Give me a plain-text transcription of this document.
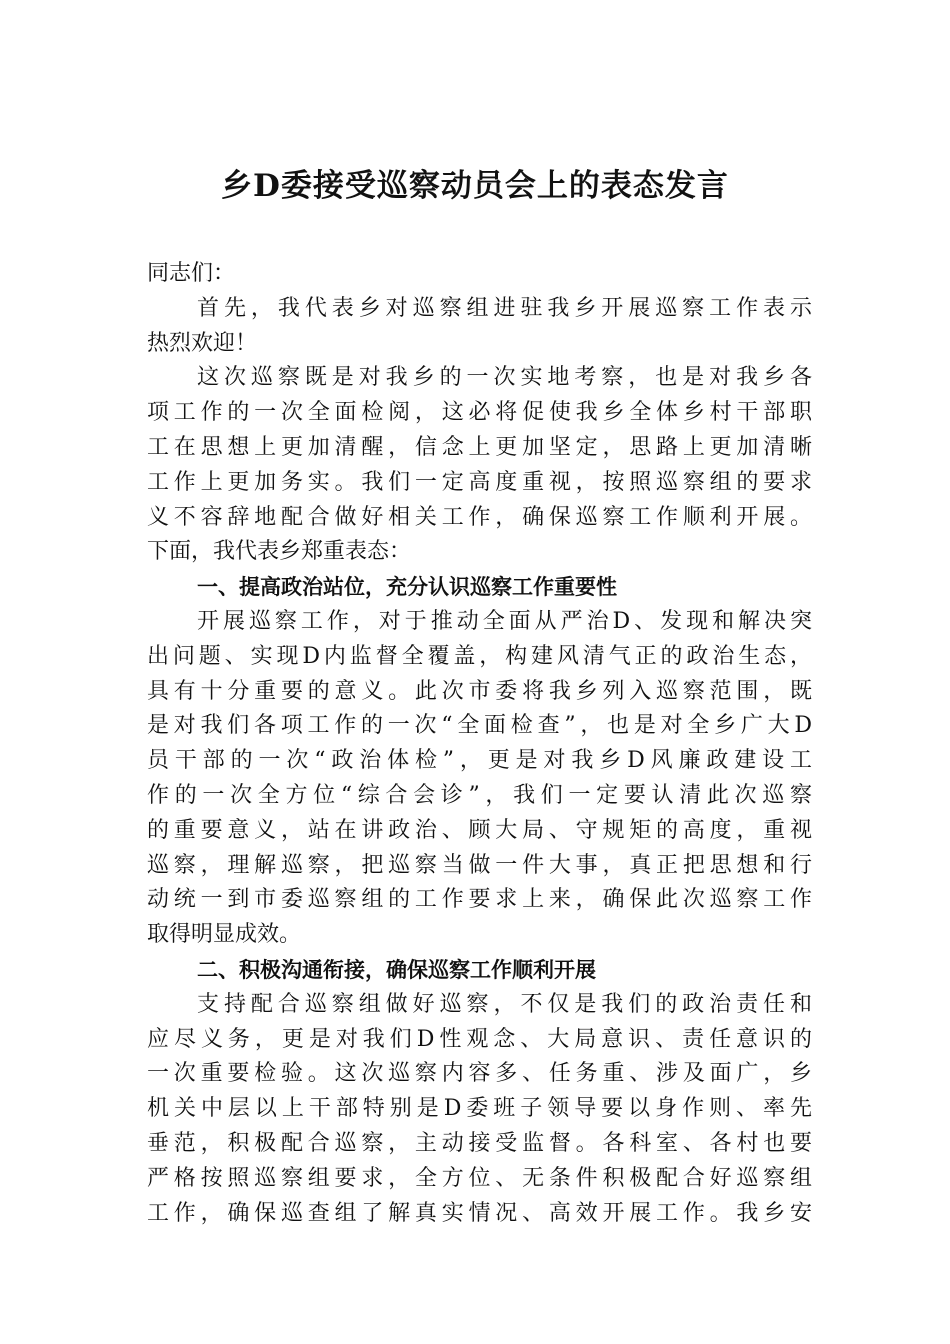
乡D委接受巡察动员会上的表态发言

同志们：

首先，我代表乡对巡察组进驻我乡开展巡察工作表示

热烈欢迎！

这次巡察既是对我乡的一次实地考察，也是对我乡各

项工作的一次全面检阅，这必将促使我乡全体乡村干部职

工在思想上更加清醒，信念上更加坚定，思路上更加清晰

工作上更加务实。我们一定高度重视，按照巡察组的要求

义不容辞地配合做好相关工作，确保巡察工作顺利开展。

下面，我代表乡郑重表态：

一、提高政治站位，充分认识巡察工作重要性

开展巡察工作，对于推动全面从严治D、发现和解决突

出问题、实现D内监督全覆盖，构建风清气正的政治生态，

具有十分重要的意义。此次市委将我乡列入巡察范围，既

是对我们各项工作的一次“全面检查”，也是对全乡广大D

员干部的一次“政治体检”，更是对我乡D风廉政建设工

作的一次全方位“综合会诊”，我们一定要认清此次巡察

的重要意义，站在讲政治、顾大局、守规矩的高度，重视

巡察，理解巡察，把巡察当做一件大事，真正把思想和行

动统一到市委巡察组的工作要求上来，确保此次巡察工作

取得明显成效。

二、积极沟通衔接，确保巡察工作顺利开展

支持配合巡察组做好巡察，不仅是我们的政治责任和

应尽义务，更是对我们D性观念、大局意识、责任意识的

一次重要检验。这次巡察内容多、任务重、涉及面广，乡

机关中层以上干部特别是D委班子领导要以身作则、率先

垂范，积极配合巡察，主动接受监督。各科室、各村也要

严格按照巡察组要求，全方位、无条件积极配合好巡察组

工作，确保巡查组了解真实情况、高效开展工作。我乡安
